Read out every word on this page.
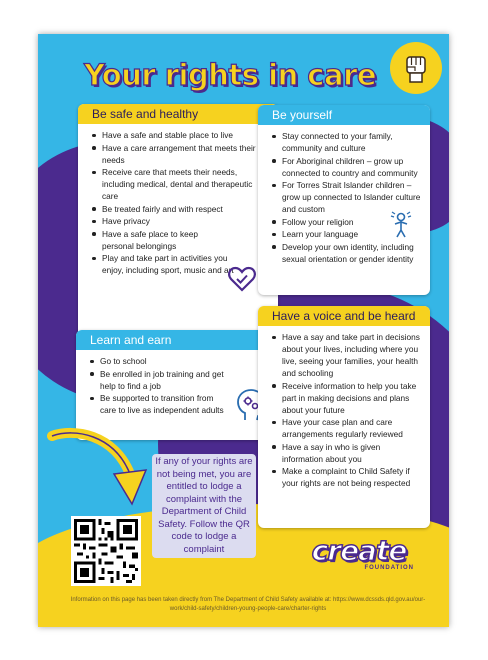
Your rights in care
Be safe and healthy
Have a safe and stable place to live
Have a care arrangement that meets their needs
Receive care that meets their needs, including medical, dental and therapeutic care
Be treated fairly and with respect
Have privacy
Have a safe place to keep personal belongings
Play and take part in activities you enjoy, including sport, music and art
Be yourself
Stay connected to your family, community and culture
For Aboriginal children – grow up connected to country and community
For Torres Strait Islander children – grow up connected to Islander culture and custom
Follow your religion
Learn your language
Develop your own identity, including sexual orientation or gender identity
Learn and earn
Go to school
Be enrolled in job training and get help to find a job
Be supported to transition from care to live as independent adults
Have a voice and be heard
Have a say and take part in decisions about your lives, including where you live, seeing your families, your health and schooling
Receive information to help you take part in making decisions and plans about your future
Have your case plan and care arrangements regularly reviewed
Have a say in who is given information about you
Make a complaint to Child Safety if your rights are not being respected
If any of your rights are not being met, you are entitled to lodge a complaint with the Department of Child Safety. Follow the QR code to lodge a complaint	create
FOUNDATION
Information on this page has been taken directly from The Department of Child Safety available at: https://www.dcssds.qld.gov.au/our-work/child-safety/children-young-people-care/charter-rights
